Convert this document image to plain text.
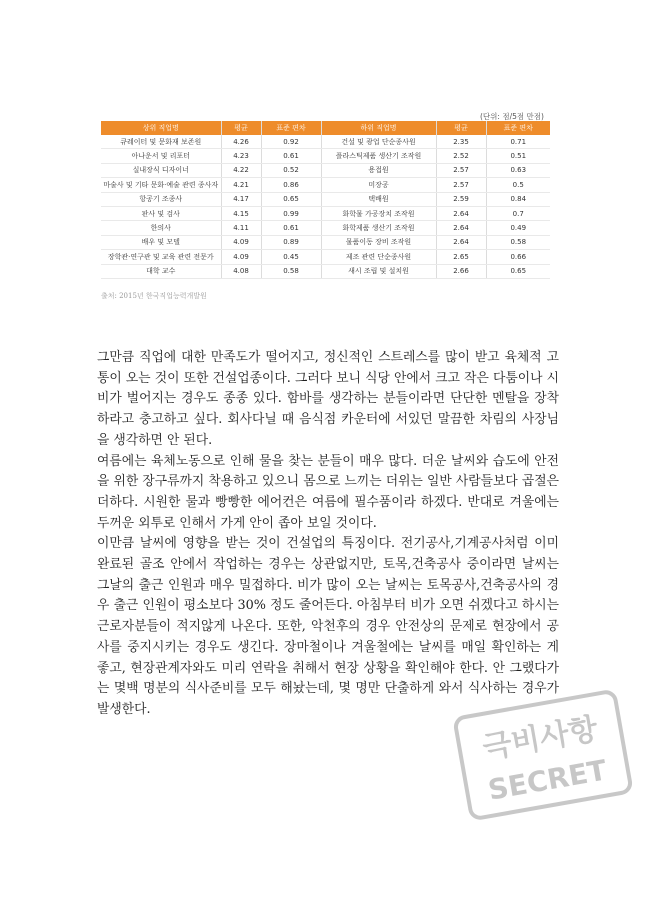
(단위: 점/5점 만점)
상위 직업명	평균	표준 편차	하위 직업명	평균	표준 편차
큐레이터 및 문화재 보존원	4.26	0.92	건설 및 광업 단순종사원	2.35	0.71
아나운서 및 리포터	4.23	0.61	플라스틱제품 생산기 조작원	2.52	0.51
실내장식 디자이너	4.22	0.52	용접원	2.57	0.63
마술사 및 기타 문화·예술 관련 종사자	4.21	0.86	미장공	2.57	0.5
항공기 조종사	4.17	0.65	택배원	2.59	0.84
판사 및 검사	4.15	0.99	화학물 가공장치 조작원	2.64	0.7
한의사	4.11	0.61	화학제품 생산기 조작원	2.64	0.49
배우 및 모델	4.09	0.89	물품이동 장비 조작원	2.64	0.58
장학관·연구관 및 교육 관련 전문가	4.09	0.45	제조 관련 단순종사원	2.65	0.66
대학 교수	4.08	0.58	새시 조립 및 설치원	2.66	0.65
출처: 2015년 한국직업능력개발원

그만큼 직업에 대한 만족도가 떨어지고, 정신적인 스트레스를 많이 받고 육체적 고통이 오는 것이 또한 건설업종이다. 그러다 보니 식당 안에서 크고 작은 다툼이나 시비가 벌어지는 경우도 종종 있다. 함바를 생각하는 분들이라면 단단한 멘탈을 장착하라고 충고하고 싶다. 회사다닐 때 음식점 카운터에 서있던 말끔한 차림의 사장님을 생각하면 안 된다.

여름에는 육체노동으로 인해 물을 찾는 분들이 매우 많다. 더운 날씨와 습도에 안전을 위한 장구류까지 착용하고 있으니 몸으로 느끼는 더위는 일반 사람들보다 곱절은 더하다. 시원한 물과 빵빵한 에어컨은 여름에 필수품이라 하겠다. 반대로 겨울에는 두꺼운 외투로 인해서 가게 안이 좁아 보일 것이다.

이만큼 날씨에 영향을 받는 것이 건설업의 특징이다. 전기공사,기계공사처럼 이미 완료된 골조 안에서 작업하는 경우는 상관없지만, 토목,건축공사 중이라면 날씨는 그날의 출근 인원과 매우 밀접하다. 비가 많이 오는 날씨는 토목공사,건축공사의 경우 출근 인원이 평소보다 30% 정도 줄어든다. 아침부터 비가 오면 쉬겠다고 하시는 근로자분들이 적지않게 나온다. 또한, 악천후의 경우 안전상의 문제로 현장에서 공사를 중지시키는 경우도 생긴다. 장마철이나 겨울철에는 날씨를 매일 확인하는 게 좋고, 현장관계자와도 미리 연락을 취해서 현장 상황을 확인해야 한다. 안 그랬다가는 몇백 명분의 식사준비를 모두 해놨는데, 몇 명만 단출하게 와서 식사하는 경우가 발생한다.

극비사항
SECRET
